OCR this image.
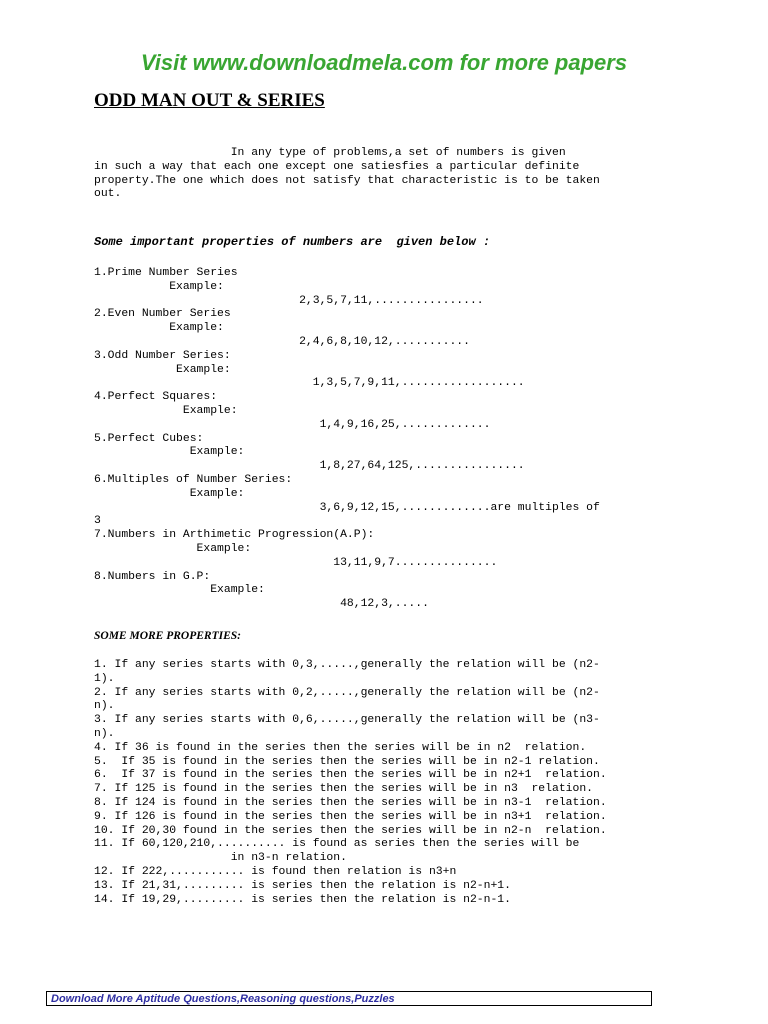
Visit www.downloadmela.com for more papers
ODD MAN OUT & SERIES
In any type of problems,a set of numbers is given
in such a way that each one except one satiesfies a particular definite
property.The one which does not satisfy that characteristic is to be taken
out.
Some important properties of numbers are  given below :
1.Prime Number Series
Example:
2,3,5,7,11,................
2.Even Number Series
Example:
2,4,6,8,10,12,...........
3.Odd Number Series:
Example:
1,3,5,7,9,11,..................
4.Perfect Squares:
Example:
1,4,9,16,25,.............
5.Perfect Cubes:
Example:
1,8,27,64,125,................
6.Multiples of Number Series:
Example:
3,6,9,12,15,.............are multiples of
3
7.Numbers in Arthimetic Progression(A.P):
Example:
13,11,9,7...............
8.Numbers in G.P:
Example:
48,12,3,.....
SOME MORE PROPERTIES:
1. If any series starts with 0,3,.....,generally the relation will be (n2-
1).
2. If any series starts with 0,2,.....,generally the relation will be (n2-
n).
3. If any series starts with 0,6,.....,generally the relation will be (n3-
n).
4. If 36 is found in the series then the series will be in n2  relation.
5.  If 35 is found in the series then the series will be in n2-1 relation.
6.  If 37 is found in the series then the series will be in n2+1  relation.
7. If 125 is found in the series then the series will be in n3  relation.
8. If 124 is found in the series then the series will be in n3-1  relation.
9. If 126 is found in the series then the series will be in n3+1  relation.
10. If 20,30 found in the series then the series will be in n2-n  relation.
11. If 60,120,210,.......... is found as series then the series will be
in n3-n relation.
12. If 222,........... is found then relation is n3+n
13. If 21,31,......... is series then the relation is n2-n+1.
14. If 19,29,......... is series then the relation is n2-n-1.
Download More Aptitude Questions,Reasoning questions,Puzzles
